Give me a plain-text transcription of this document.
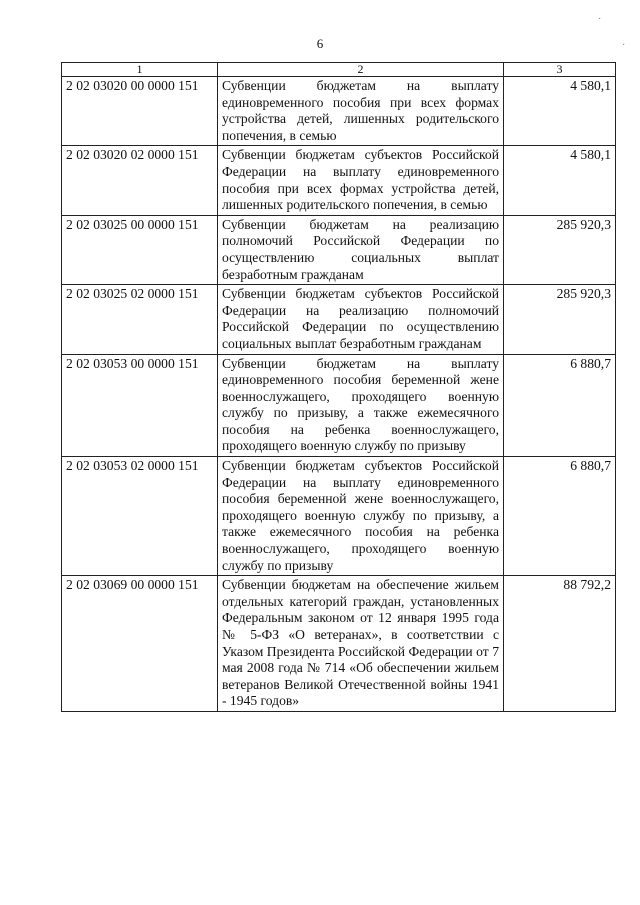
6
·
·
1	2	3
2 02 03020 00 0000 151	Субвенции бюджетам на выплату единовременного пособия при всех формах устройства детей, лишенных родительского попечения, в семью	4 580,1
2 02 03020 02 0000 151	Субвенции бюджетам субъектов Российской Федерации на выплату единовременного пособия при всех формах устройства детей, лишенных родительского попечения, в семью	4 580,1
2 02 03025 00 0000 151	Субвенции бюджетам на реализацию полномочий Российской Федерации по осуществлению социальных выплат безработным гражданам	285 920,3
2 02 03025 02 0000 151	Субвенции бюджетам субъектов Российской Федерации на реализацию полномочий Российской Федерации по осуществлению социальных выплат безработным гражданам	285 920,3
2 02 03053 00 0000 151	Субвенции бюджетам на выплату единовременного пособия беременной жене военнослужащего, проходящего военную службу по призыву, а также ежемесячного пособия на ребенка военнослужащего, проходящего военную службу по призыву	6 880,7
2 02 03053 02 0000 151	Субвенции бюджетам субъектов Российской Федерации на выплату единовременного пособия беременной жене военнослужащего, проходящего военную службу по призыву, а также ежемесячного пособия на ребенка военнослужащего, проходящего военную службу по призыву	6 880,7
2 02 03069 00 0000 151	Субвенции бюджетам на обеспечение жильем отдельных категорий граждан, установленных Федеральным законом от 12 января 1995 года № 5-ФЗ «О ветеранах», в соответствии с Указом Президента Российской Федерации от 7 мая 2008 года № 714 «Об обеспечении жильем ветеранов Великой Отечественной войны 1941 - 1945 годов»	88 792,2
